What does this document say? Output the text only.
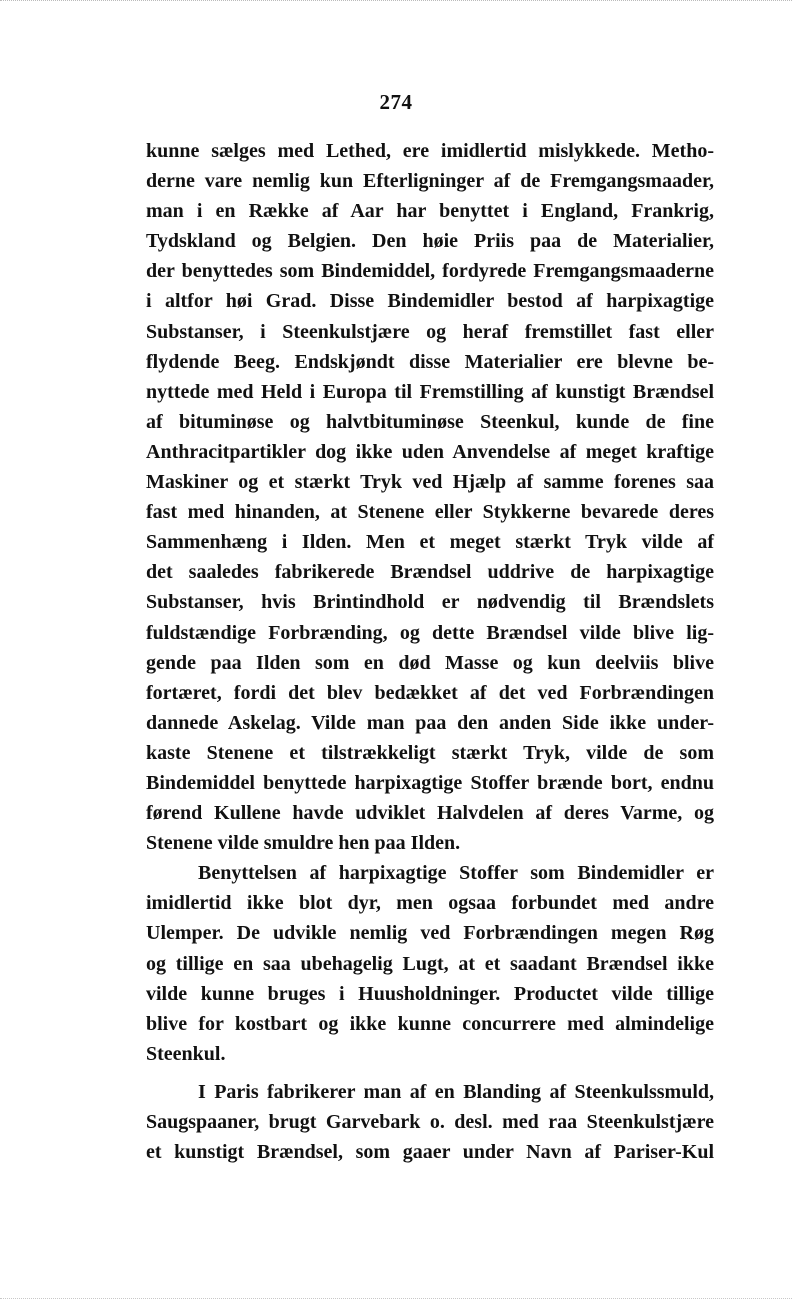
274
kunne sælges med Lethed, ere imidlertid mislykkede. Metho-
derne vare nemlig kun Efterligninger af de Fremgangsmaader,
man i en Række af Aar har benyttet i England, Frankrig,
Tydskland og Belgien. Den høie Priis paa de Materialier,
der benyttedes som Bindemiddel, fordyrede Fremgangsmaaderne
i altfor høi Grad. Disse Bindemidler bestod af harpixagtige
Substanser, i Steenkulstjære og heraf fremstillet fast eller
flydende Beeg. Endskjøndt disse Materialier ere blevne be-
nyttede med Held i Europa til Fremstilling af kunstigt Brændsel
af bituminøse og halvtbituminøse Steenkul, kunde de fine
Anthracitpartikler dog ikke uden Anvendelse af meget kraftige
Maskiner og et stærkt Tryk ved Hjælp af samme forenes saa
fast med hinanden, at Stenene eller Stykkerne bevarede deres
Sammenhæng i Ilden. Men et meget stærkt Tryk vilde af
det saaledes fabrikerede Brændsel uddrive de harpixagtige
Substanser, hvis Brintindhold er nødvendig til Brændslets
fuldstændige Forbrænding, og dette Brændsel vilde blive lig-
gende paa Ilden som en død Masse og kun deelviis blive
fortæret, fordi det blev bedækket af det ved Forbrændingen
dannede Askelag. Vilde man paa den anden Side ikke under-
kaste Stenene et tilstrækkeligt stærkt Tryk, vilde de som
Bindemiddel benyttede harpixagtige Stoffer brænde bort, endnu
førend Kullene havde udviklet Halvdelen af deres Varme, og
Stenene vilde smuldre hen paa Ilden.
Benyttelsen af harpixagtige Stoffer som Bindemidler er
imidlertid ikke blot dyr, men ogsaa forbundet med andre
Ulemper. De udvikle nemlig ved Forbrændingen megen Røg
og tillige en saa ubehagelig Lugt, at et saadant Brændsel ikke
vilde kunne bruges i Huusholdninger. Productet vilde tillige
blive for kostbart og ikke kunne concurrere med almindelige
Steenkul.
I Paris fabrikerer man af en Blanding af Steenkulssmuld,
Saugspaaner, brugt Garvebark o. desl. med raa Steenkulstjære
et kunstigt Brændsel, som gaaer under Navn af Pariser-Kul
